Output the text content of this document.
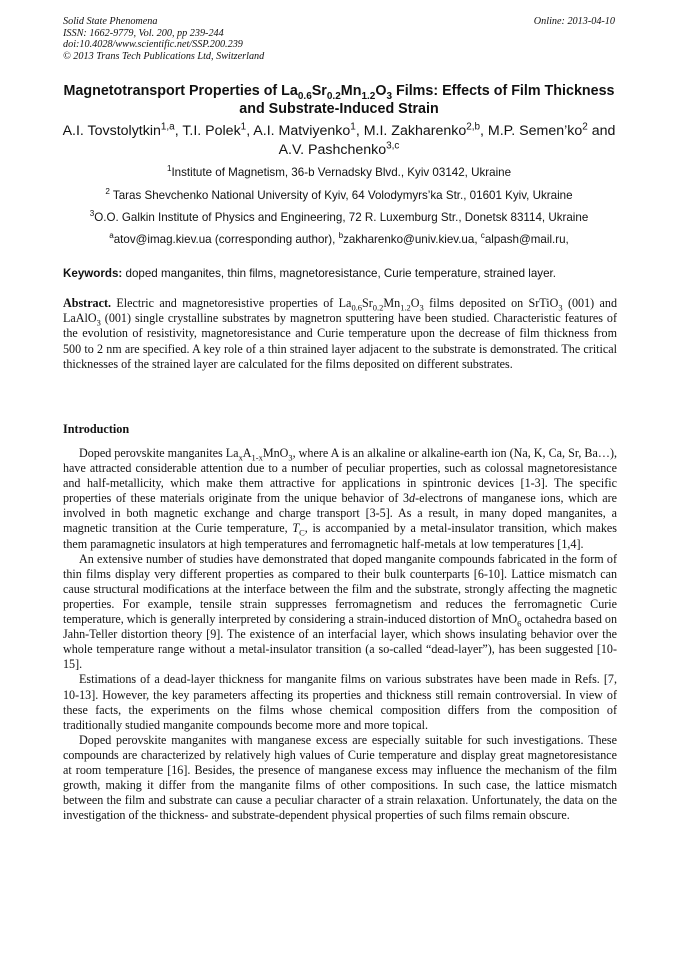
Solid State Phenomena
ISSN: 1662-9779, Vol. 200, pp 239-244
doi:10.4028/www.scientific.net/SSP.200.239
© 2013 Trans Tech Publications Ltd, Switzerland
Online: 2013-04-10
Magnetotransport Properties of $La_{0.6}Sr_{0.2}Mn_{1.2}O_3$ Films: Effects of Film Thickness and Substrate-Induced Strain
A.I. Tovstolytkin$^{1,a}$, T.I. Polek$^1$, A.I. Matviyenko$^1$, M.I. Zakharenko$^{2,b}$, M.P. $Semen’ko^2$ and A.V. Pashchenko$^{3,c}$
$^1$Institute of Magnetism, 36-b Vernadsky Blvd., Kyiv 03142, Ukraine
$^2$ Taras Shevchenko National University of Kyiv, 64 Volodymyrs’ka Str., 01601 Kyiv, Ukraine
$^3$O.O. Galkin Institute of Physics and Engineering, 72 R. Luxemburg Str., Donetsk 83114, Ukraine
$^a$atov@imag.kiev.ua (corresponding author), $^b$zakharenko@univ.kiev.ua, $^c$alpash@mail.ru,
Keywords: doped manganites, thin films, magnetoresistance, Curie temperature, strained layer.
Abstract. Electric and magnetoresistive properties of $La_{0.6}Sr_{0.2}Mn_{1.2}O_3$ films deposited on SrTiO$_3$ (001) and LaAlO$_3$ (001) single crystalline substrates by magnetron sputtering have been studied. Characteristic features of the evolution of resistivity, magnetoresistance and Curie temperature upon the decrease of film thickness from 500 to 2 nm are specified. A key role of a thin strained layer adjacent to the substrate is demonstrated. The critical thicknesses of the strained layer are calculated for the films deposited on different substrates.
Introduction

Doped perovskite manganites $La_xA_{1-x}MnO_3$, where A is an alkaline or alkaline-earth ion (Na, K, Ca, Sr, Ba…), have attracted considerable attention due to a number of peculiar properties, such as colossal magnetoresistance and half-metallicity, which make them attractive for applications in spintronic devices [1-3]. The specific properties of these materials originate from the unique behavior of 3d-electrons of manganese ions, which are involved in both magnetic exchange and charge transport [3-5]. As a result, in many doped manganites, a magnetic transition at the Curie temperature, $T_C$, is accompanied by a metal-insulator transition, which makes them paramagnetic insulators at high temperatures and ferromagnetic half-metals at low temperatures [1,4].

An extensive number of studies have demonstrated that doped manganite compounds fabricated in the form of thin films display very different properties as compared to their bulk counterparts [6-10]. Lattice mismatch can cause structural modifications at the interface between the film and the substrate, strongly affecting the magnetic properties. For example, tensile strain suppresses ferromagnetism and reduces the ferromagnetic Curie temperature, which is generally interpreted by considering a strain-induced distortion of MnO$_6$ octahedra based on Jahn-Teller distortion theory [9]. The existence of an interfacial layer, which shows insulating behavior over the whole temperature range without a metal-insulator transition (a so-called “dead-layer”), has been suggested [10-15].

Estimations of a dead-layer thickness for manganite films on various substrates have been made in Refs. [7, 10-13]. However, the key parameters affecting its properties and thickness still remain controversial. In view of these facts, the experiments on the films whose chemical composition differs from the composition of traditionally studied manganite compounds become more and more topical.

Doped perovskite manganites with manganese excess are especially suitable for such investigations. These compounds are characterized by relatively high values of Curie temperature and display great magnetoresistance at room temperature [16]. Besides, the presence of manganese excess may influence the mechanism of the film growth, making it differ from the manganite films of other compositions. In such case, the lattice mismatch between the film and substrate can cause a peculiar character of a strain relaxation. Unfortunately, the data on the investigation of the thickness- and substrate-dependent physical properties of such films remain obscure.
